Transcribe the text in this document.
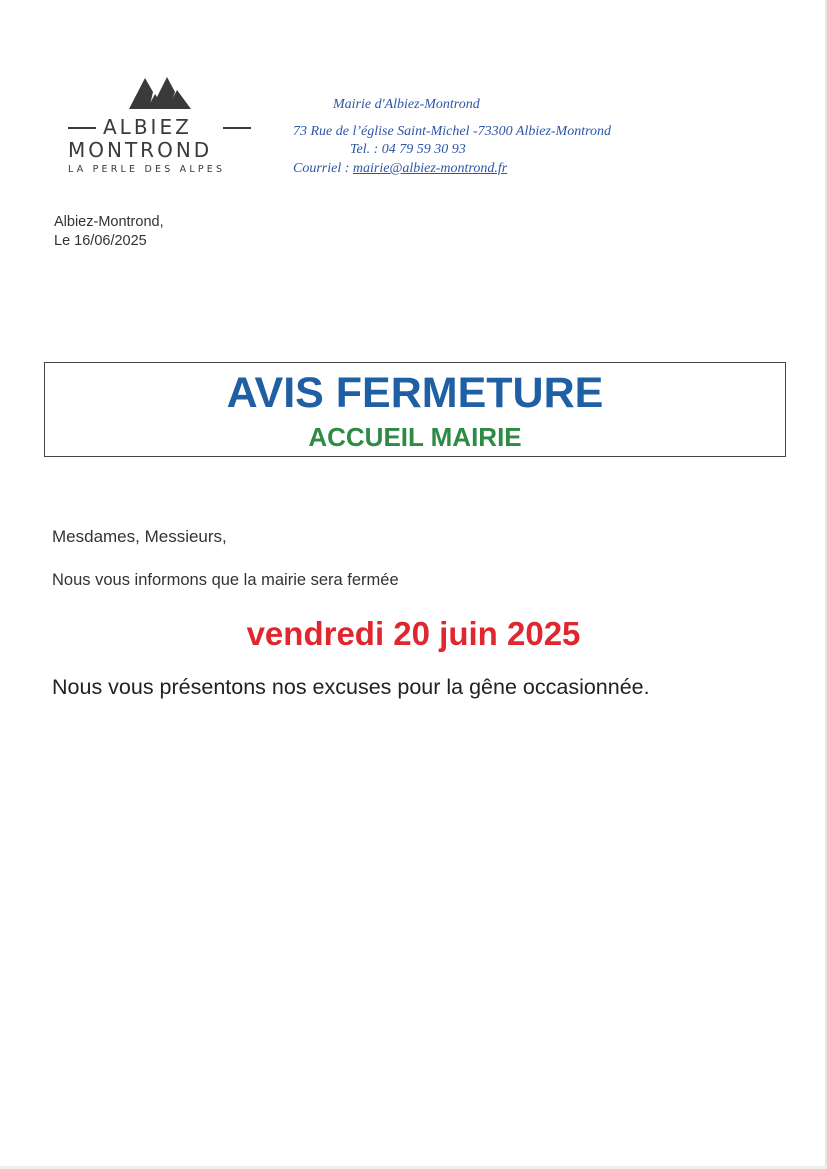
ALBIEZ
MONTROND
LA PERLE DES ALPES
Mairie d'Albiez-Montrond
73 Rue de l’église Saint-Michel -73300 Albiez-Montrond
Tel. : 04 79 59 30 93
Courriel : mairie@albiez-montrond.fr
Albiez-Montrond,
Le 16/06/2025
AVIS FERMETURE
ACCUEIL MAIRIE
Mesdames, Messieurs,
Nous vous informons que la mairie sera fermée
vendredi 20 juin 2025
Nous vous présentons nos excuses pour la gêne occasionnée.
